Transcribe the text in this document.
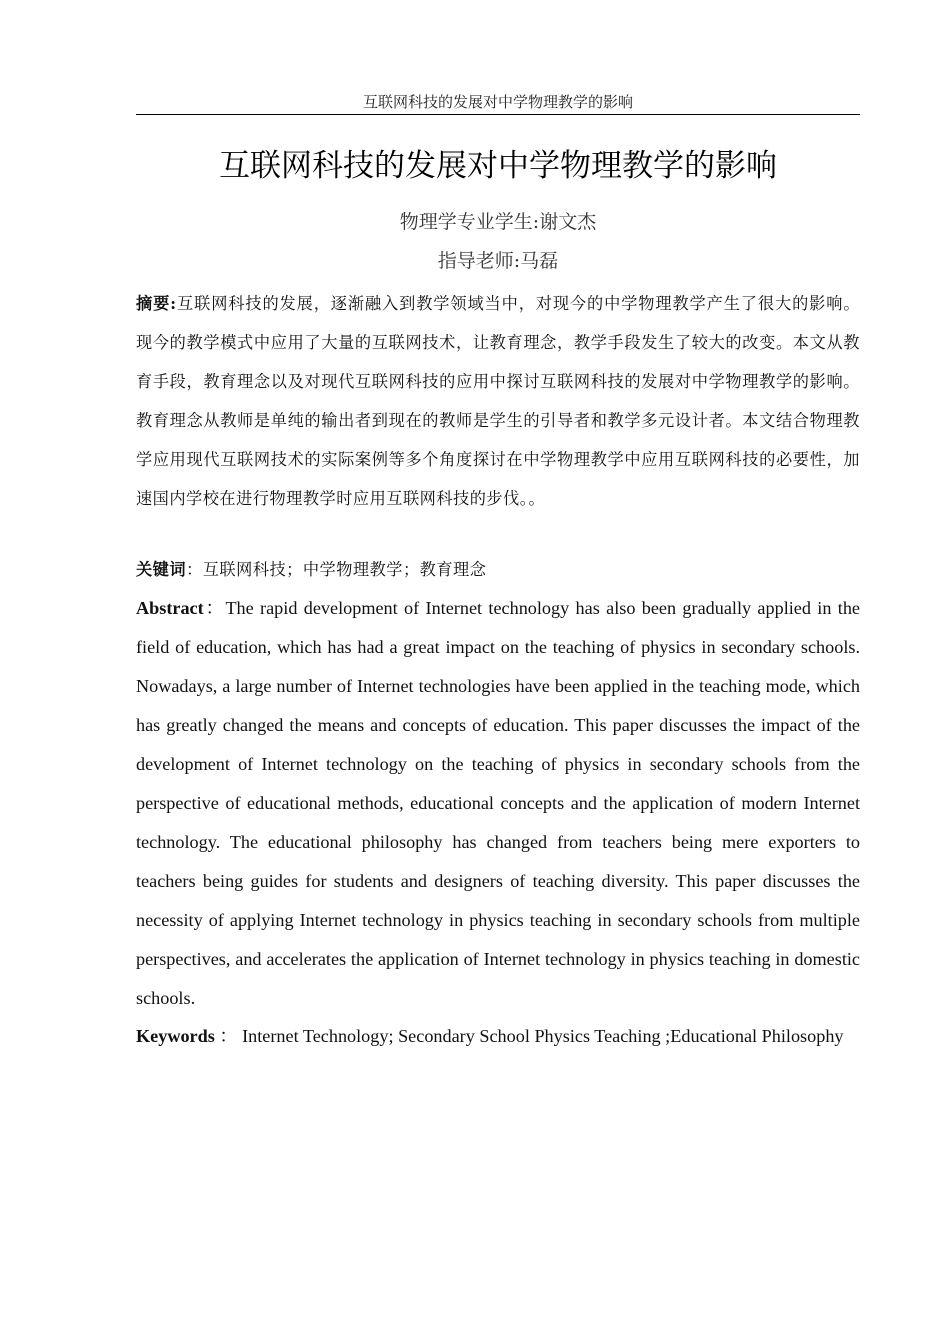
互联网科技的发展对中学物理教学的影响
互联网科技的发展对中学物理教学的影响
物理学专业学生:谢文杰
指导老师:马磊
摘要:互联网科技的发展，逐渐融入到教学领域当中，对现今的中学物理教学产生了很大的影响。现今的教学模式中应用了大量的互联网技术，让教育理念，教学手段发生了较大的改变。本文从教育手段，教育理念以及对现代互联网科技的应用中探讨互联网科技的发展对中学物理教学的影响。教育理念从教师是单纯的输出者到现在的教师是学生的引导者和教学多元设计者。本文结合物理教学应用现代互联网技术的实际案例等多个角度探讨在中学物理教学中应用互联网科技的必要性，加速国内学校在进行物理教学时应用互联网科技的步伐。。
关键词：互联网科技；中学物理教学；教育理念
Abstract：The rapid development of Internet technology has also been gradually applied in the field of education, which has had a great impact on the teaching of physics in secondary schools. Nowadays, a large number of Internet technologies have been applied in the teaching mode, which has greatly changed the means and concepts of education. This paper discusses the impact of the development of Internet technology on the teaching of physics in secondary schools from the perspective of educational methods, educational concepts and the application of modern Internet technology. The educational philosophy has changed from teachers being mere exporters to teachers being guides for students and designers of teaching diversity. This paper discusses the necessity of applying Internet technology in physics teaching in secondary schools from multiple perspectives, and accelerates the application of Internet technology in physics teaching in domestic schools.
Keywords ： Internet Technology; Secondary School Physics Teaching ;Educational Philosophy
